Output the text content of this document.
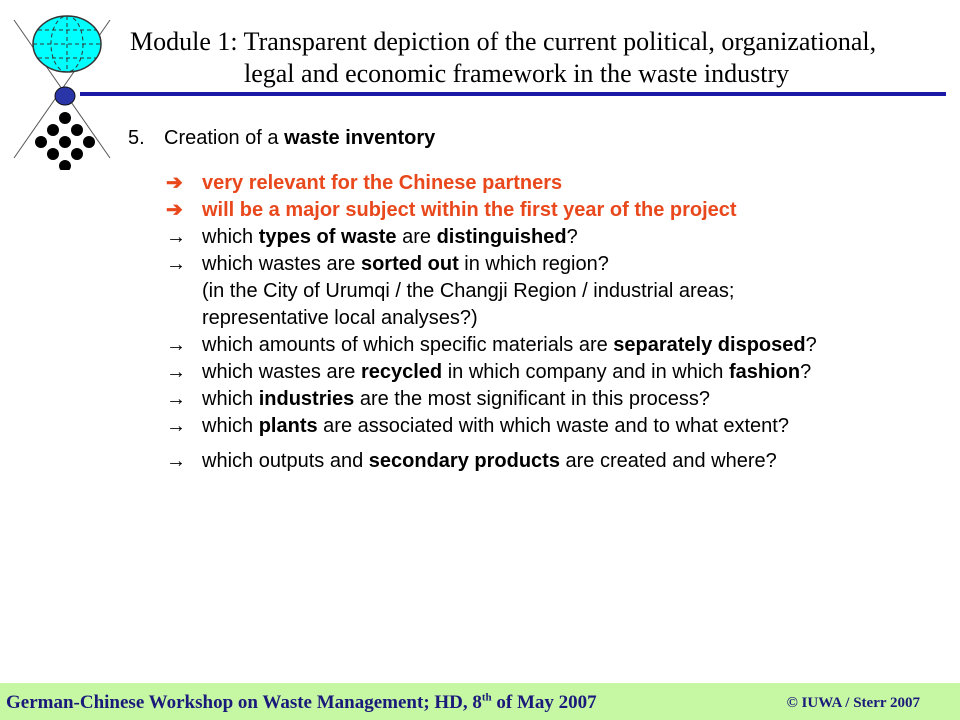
Module 1: Transparent depiction of the current political, organizational,
legal and economic framework in the waste industry
5. Creation of a waste inventory
➔ very relevant for the Chinese partners
➔ will be a major subject within the first year of the project
→ which types of waste are distinguished?
→ which wastes are sorted out in which region?
(in the City of Urumqi / the Changji Region / industrial areas;
representative local analyses?)
→ which amounts of which specific materials are separately disposed?
→ which wastes are recycled in which company and in which fashion?
→ which industries are the most significant in this process?
→ which plants are associated with which waste and to what extent?
→ which outputs and secondary products are created and where?
German-Chinese Workshop on Waste Management; HD, 8th of May 2007	© IUWA / Sterr 2007
